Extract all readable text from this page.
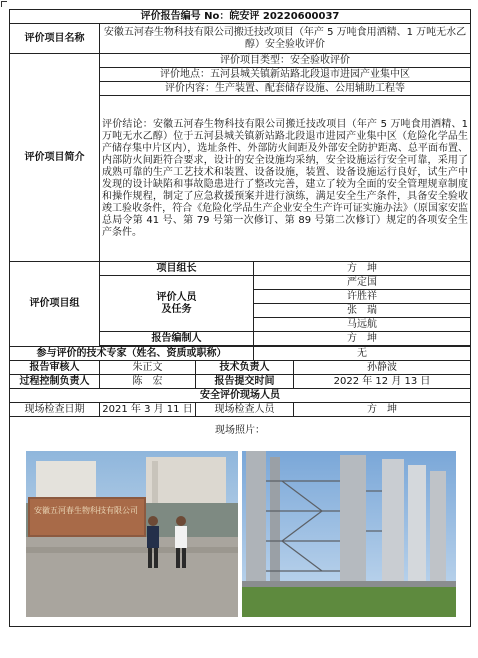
评价报告编号 No：皖安评 20220600037				
评价项目名称	安徽五河春生物科技有限公司搬迁技改项目（年产 5 万吨食用酒精、1 万吨无水乙醇）安全验收评价			
评价项目简介	评价项目类型：安全验收评价			
	评价地点：五河县城关镇新站路北段退市进园产业集中区			
	评价内容：生产装置、配套储存设施、公用辅助工程等			
	评价结论：安徽五河春生物科技有限公司搬迁技改项目（年产 5 万吨食用酒精、1 万吨无水乙醇）位于五河县城关镇新站路北段退市进园产业集中区（危险化学品生产储存集中片区内），选址条件、外部防火间距及外部安全防护距离、总平面布置、内部防火间距符合要求，设计的安全设施均采纳，安全设施运行安全可靠，采用了成熟可靠的生产工艺技术和装置、设备设施，装置、设备设施运行良好，试生产中发现的设计缺陷和事故隐患进行了整改完善，建立了较为全面的安全管理规章制度和操作规程，制定了应急救援预案并进行演练，满足安全生产条件，具备安全验收竣工验收条件，符合《危险化学品生产企业安全生产许可证实施办法》（原国家安监总局令第 41 号、第 79 号第一次修订、第 89 号第二次修订）规定的各项安全生产条件。			
评价项目组	项目组长		方　坤	

	评价人员
及任务		严定国	
			许胜祥	
			张　瑞	
			马远航	
	报告编制人		方　坤	

参与评价的技术专家（姓名、资质或职称）			无	
报告审核人	朱正文	技术负责人		孙静波
过程控制负责人	陈　宏	报告提交时间		2022 年 12 月 13 日
安全评价现场人员				
现场检查日期	2021 年 3 月 11 日	现场检查人员		方　坤

现场照片：
安徽五河春生物科技有限公司				
